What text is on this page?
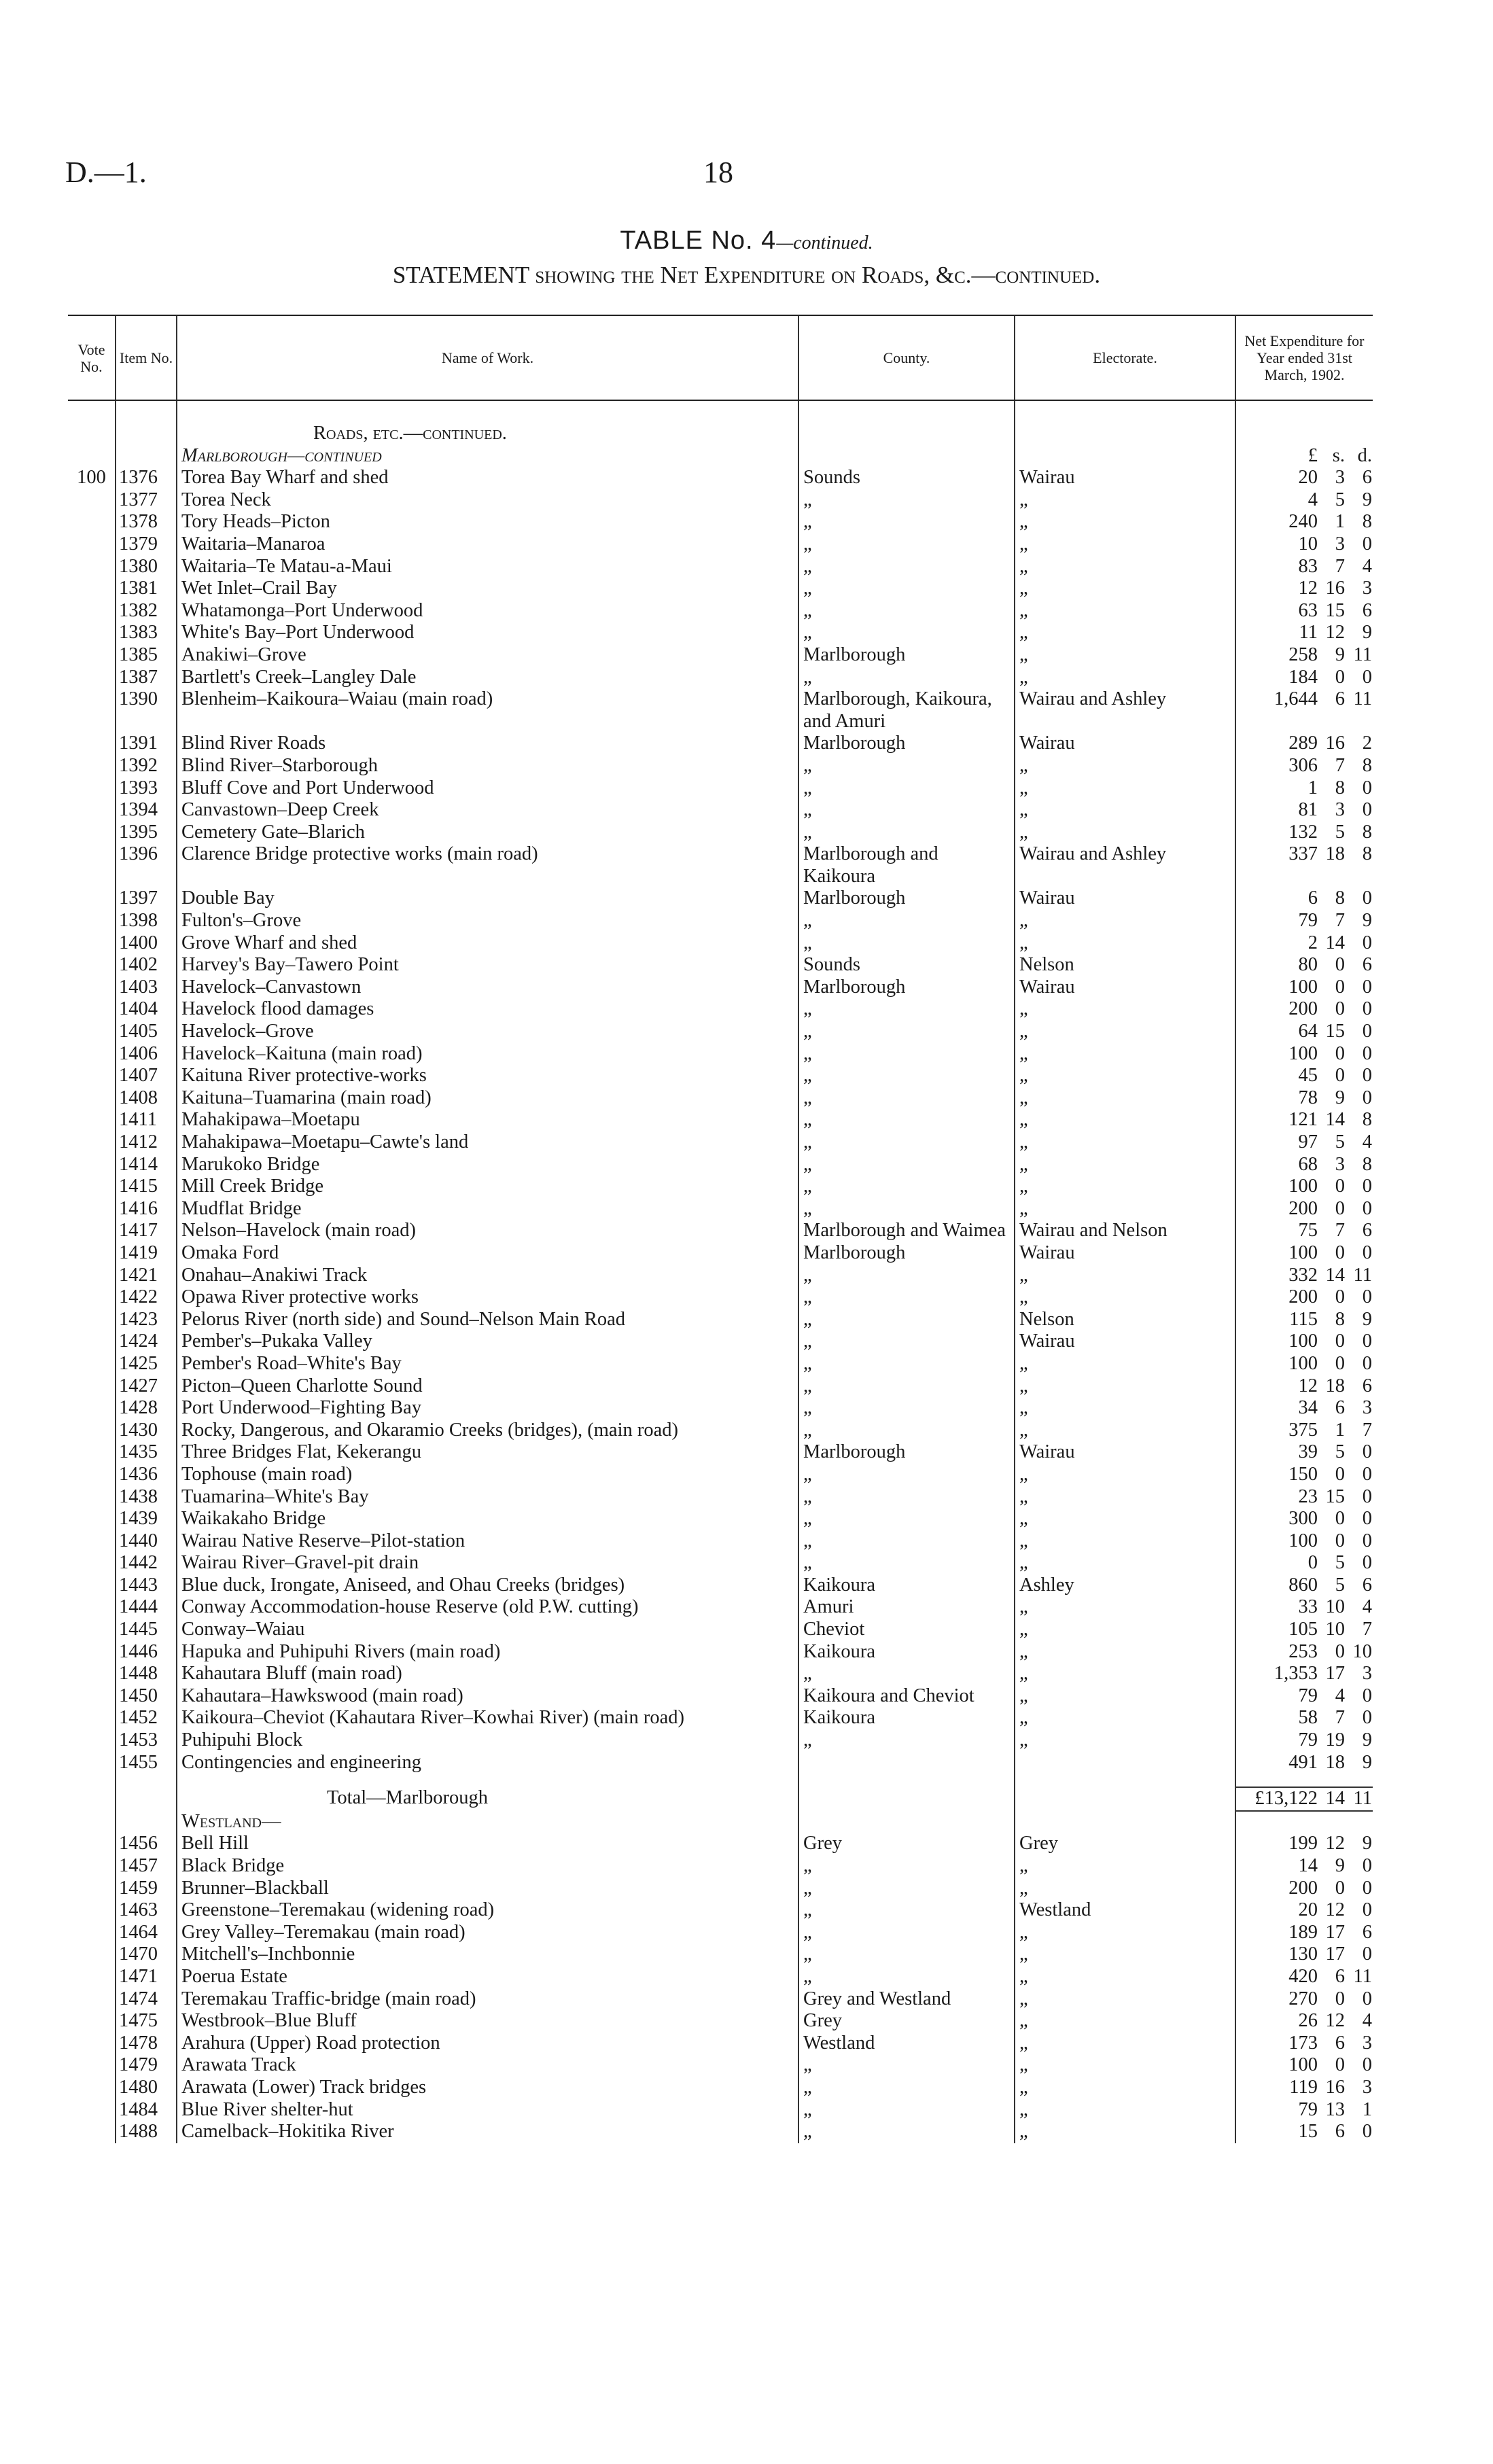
D.—1.	18
TABLE No. 4—continued.
STATEMENT showing the Net Expenditure on Roads, &c.—continued.
Vote No.	Item No.	Name of Work.	County.	Electorate.	Net Expenditure for Year ended 31st March, 1902.

		Roads, etc.—continued.			
		Marlborough—continued			£ s. d.

100	1376	Torea Bay Wharf and shed	Sounds	Wairau	20 3 6

	1377	Torea Neck	„	„	4 5 9

	1378	Tory Heads–Picton	„	„	240 1 8

	1379	Waitaria–Manaroa	„	„	10 3 0

	1380	Waitaria–Te Matau-a-Maui	„	„	83 7 4

	1381	Wet Inlet–Crail Bay	„	„	12 16 3

	1382	Whatamonga–Port Underwood	„	„	63 15 6

	1383	White's Bay–Port Underwood	„	„	11 12 9

	1385	Anakiwi–Grove	Marlborough	„	258 9 11

	1387	Bartlett's Creek–Langley Dale	„	„	184 0 0

	1390	Blenheim–Kaikoura–Waiau (main road)	Marlborough, Kaikoura, and Amuri	Wairau and Ashley	1,644 6 11

	1391	Blind River Roads	Marlborough	Wairau	289 16 2

	1392	Blind River–Starborough	„	„	306 7 8

	1393	Bluff Cove and Port Underwood	„	„	1 8 0

	1394	Canvastown–Deep Creek	„	„	81 3 0

	1395	Cemetery Gate–Blarich	„	„	132 5 8

	1396	Clarence Bridge protective works (main road)	Marlborough and Kaikoura	Wairau and Ashley	337 18 8

	1397	Double Bay	Marlborough	Wairau	6 8 0

	1398	Fulton's–Grove	„	„	79 7 9

	1400	Grove Wharf and shed	„	„	2 14 0

	1402	Harvey's Bay–Tawero Point	Sounds	Nelson	80 0 6

	1403	Havelock–Canvastown	Marlborough	Wairau	100 0 0

	1404	Havelock flood damages	„	„	200 0 0

	1405	Havelock–Grove	„	„	64 15 0

	1406	Havelock–Kaituna (main road)	„	„	100 0 0

	1407	Kaituna River protective-works	„	„	45 0 0

	1408	Kaituna–Tuamarina (main road)	„	„	78 9 0

	1411	Mahakipawa–Moetapu	„	„	121 14 8

	1412	Mahakipawa–Moetapu–Cawte's land	„	„	97 5 4

	1414	Marukoko Bridge	„	„	68 3 8

	1415	Mill Creek Bridge	„	„	100 0 0

	1416	Mudflat Bridge	„	„	200 0 0

	1417	Nelson–Havelock (main road)	Marlborough and Waimea	Wairau and Nelson	75 7 6

	1419	Omaka Ford	Marlborough	Wairau	100 0 0

	1421	Onahau–Anakiwi Track	„	„	332 14 11

	1422	Opawa River protective works	„	„	200 0 0

	1423	Pelorus River (north side) and Sound–Nelson Main Road	„	Nelson	115 8 9

	1424	Pember's–Pukaka Valley	„	Wairau	100 0 0

	1425	Pember's Road–White's Bay	„	„	100 0 0

	1427	Picton–Queen Charlotte Sound	„	„	12 18 6

	1428	Port Underwood–Fighting Bay	„	„	34 6 3

	1430	Rocky, Dangerous, and Okaramio Creeks (bridges), (main road)	„	„	375 1 7

	1435	Three Bridges Flat, Kekerangu	Marlborough	Wairau	39 5 0

	1436	Tophouse (main road)	„	„	150 0 0

	1438	Tuamarina–White's Bay	„	„	23 15 0

	1439	Waikakaho Bridge	„	„	300 0 0

	1440	Wairau Native Reserve–Pilot-station	„	„	100 0 0

	1442	Wairau River–Gravel-pit drain	„	„	0 5 0

	1443	Blue duck, Irongate, Aniseed, and Ohau Creeks (bridges)	Kaikoura	Ashley	860 5 6

	1444	Conway Accommodation-house Reserve (old P.W. cutting)	Amuri	„	33 10 4

	1445	Conway–Waiau	Cheviot	„	105 10 7

	1446	Hapuka and Puhipuhi Rivers (main road)	Kaikoura	„	253 0 10

	1448	Kahautara Bluff (main road)	„	„	1,353 17 3

	1450	Kahautara–Hawkswood (main road)	Kaikoura and Cheviot	„	79 4 0

	1452	Kaikoura–Cheviot (Kahautara River–Kowhai River) (main road)	Kaikoura	„	58 7 0

	1453	Puhipuhi Block	„	„	79 19 9

	1455	Contingencies and engineering			491 18 9

		Total—Marlborough			£13,122 14 11

		Westland—			
	1456	Bell Hill	Grey	Grey	199 12 9

	1457	Black Bridge	„	„	14 9 0

	1459	Brunner–Blackball	„	„	200 0 0

	1463	Greenstone–Teremakau (widening road)	„	Westland	20 12 0

	1464	Grey Valley–Teremakau (main road)	„	„	189 17 6

	1470	Mitchell's–Inchbonnie	„	„	130 17 0

	1471	Poerua Estate	„	„	420 6 11

	1474	Teremakau Traffic-bridge (main road)	Grey and Westland	„	270 0 0

	1475	Westbrook–Blue Bluff	Grey	„	26 12 4

	1478	Arahura (Upper) Road protection	Westland	„	173 6 3

	1479	Arawata Track	„	„	100 0 0

	1480	Arawata (Lower) Track bridges	„	„	119 16 3

	1484	Blue River shelter-hut	„	„	79 13 1

	1488	Camelback–Hokitika River	„	„	15 6 0
